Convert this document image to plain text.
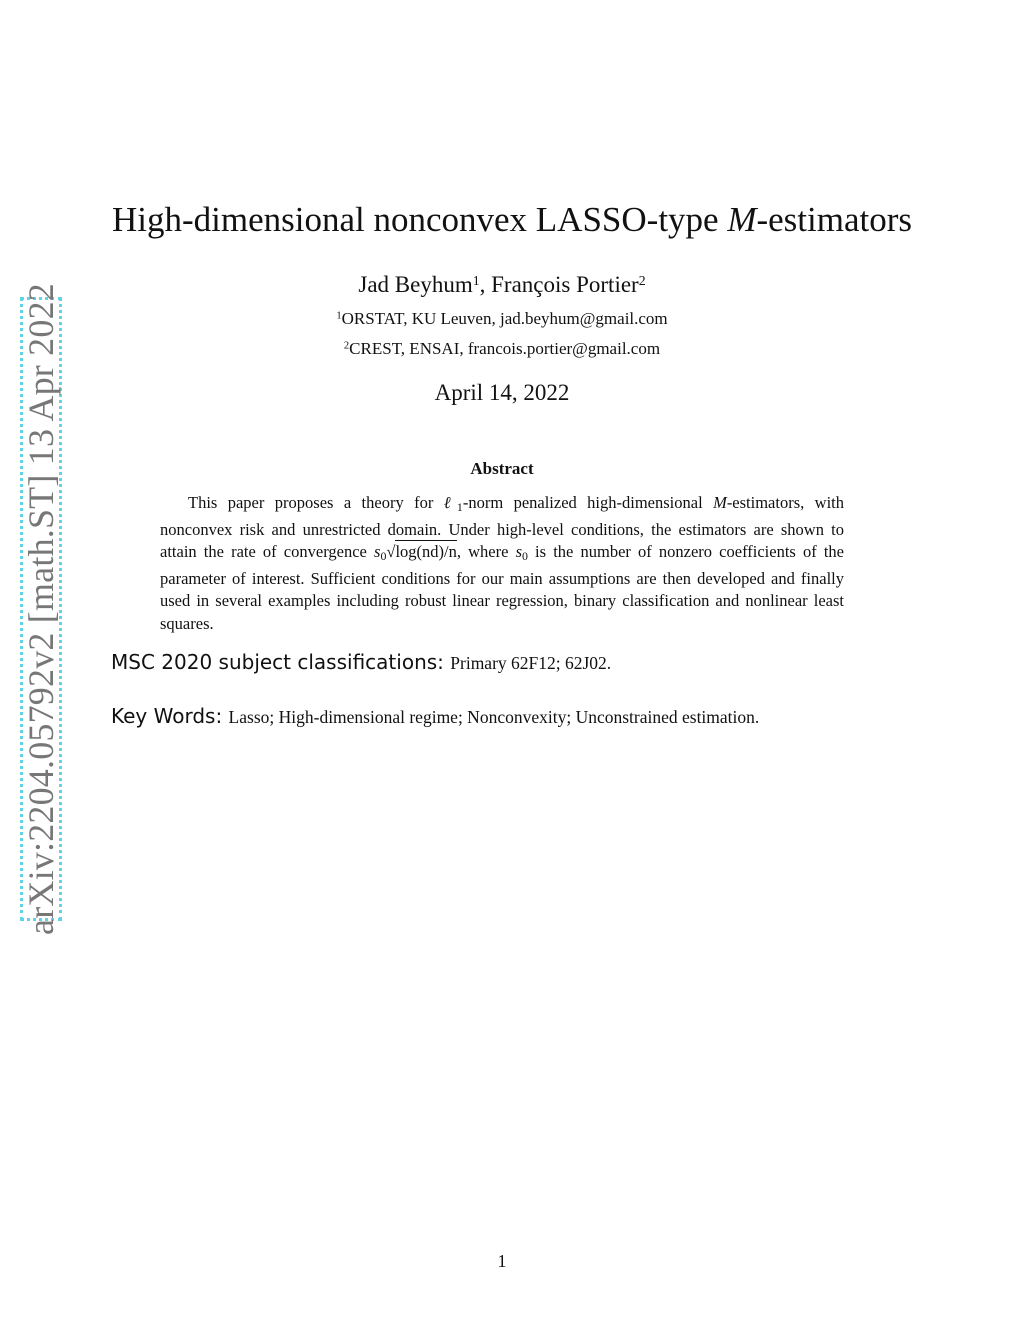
arXiv:2204.05792v2 [math.ST] 13 Apr 2022
High-dimensional nonconvex LASSO-type M-estimators
Jad Beyhum$^1$, François Portier$^2$
$^1$ORSTAT, KU Leuven, jad.beyhum@gmail.com
$^2$CREST, ENSAI, francois.portier@gmail.com
April 14, 2022
Abstract

This paper proposes a theory for ℓ$_1$-norm penalized high-dimensional M-estimators, with nonconvex risk and unrestricted domain. Under high-level conditions, the estimators are shown to attain the rate of convergence $s_0√\log(nd)/n$, where $s_0$ is the number of nonzero coefficients of the parameter of interest. Sufficient conditions for our main assumptions are then developed and finally used in several examples including robust linear regression, binary classification and nonlinear least squares.

MSC 2020 subject classifications: Primary 62F12; 62J02.
Key Words: Lasso; High-dimensional regime; Nonconvexity; Unconstrained estimation.
1
